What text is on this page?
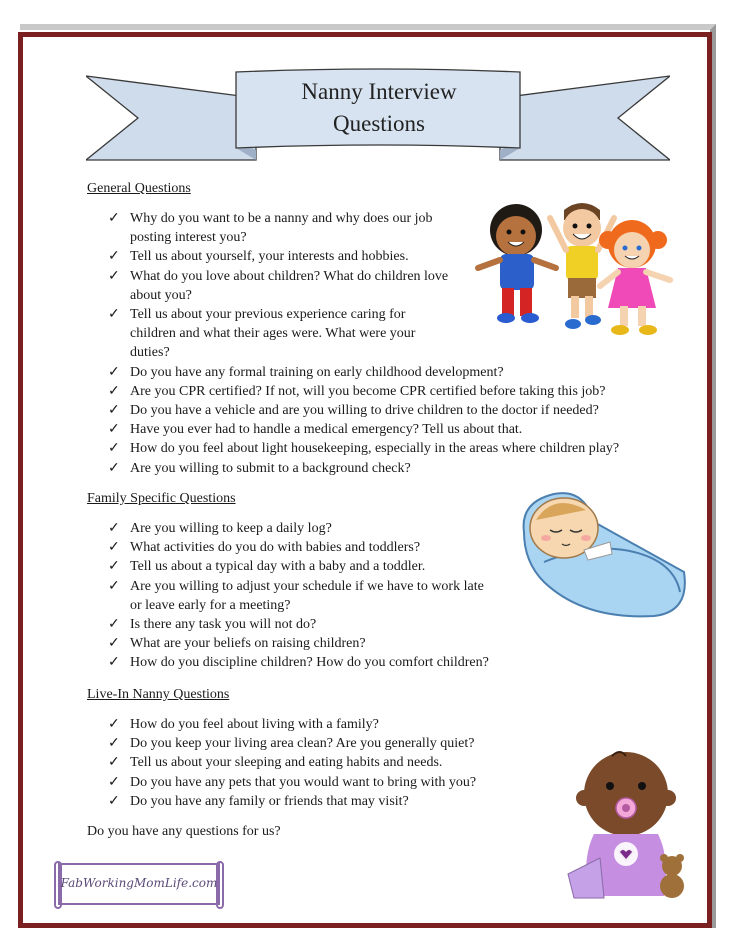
Nanny Interview
Questions
General Questions
Family Specific Questions
Live-In Nanny Questions
✓ Why do you want to be a nanny and why does our job
posting interest you?
✓ Tell us about yourself, your interests and hobbies.
✓ What do you love about children? What do children love
about you?
✓ Tell us about your previous experience caring for
children and what their ages were. What were your
duties?
✓ Do you have any formal training on early childhood development?
✓ Are you CPR certified? If not, will you become CPR certified before taking this job?
✓ Do you have a vehicle and are you willing to drive children to the doctor if needed?
✓ Have you ever had to handle a medical emergency? Tell us about that.
✓ How do you feel about light housekeeping, especially in the areas where children play?
✓ Are you willing to submit to a background check?
✓ Are you willing to keep a daily log?
✓ What activities do you do with babies and toddlers?
✓ Tell us about a typical day with a baby and a toddler.
✓ Are you willing to adjust your schedule if we have to work late
or leave early for a meeting?
✓ Is there any task you will not do?
✓ What are your beliefs on raising children?
✓ How do you discipline children? How do you comfort children?
✓ How do you feel about living with a family?
✓ Do you keep your living area clean? Are you generally quiet?
✓ Tell us about your sleeping and eating habits and needs.
✓ Do you have any pets that you would want to bring with you?
✓ Do you have any family or friends that may visit?
Do you have any questions for us?
FabWorkingMomLife.com
